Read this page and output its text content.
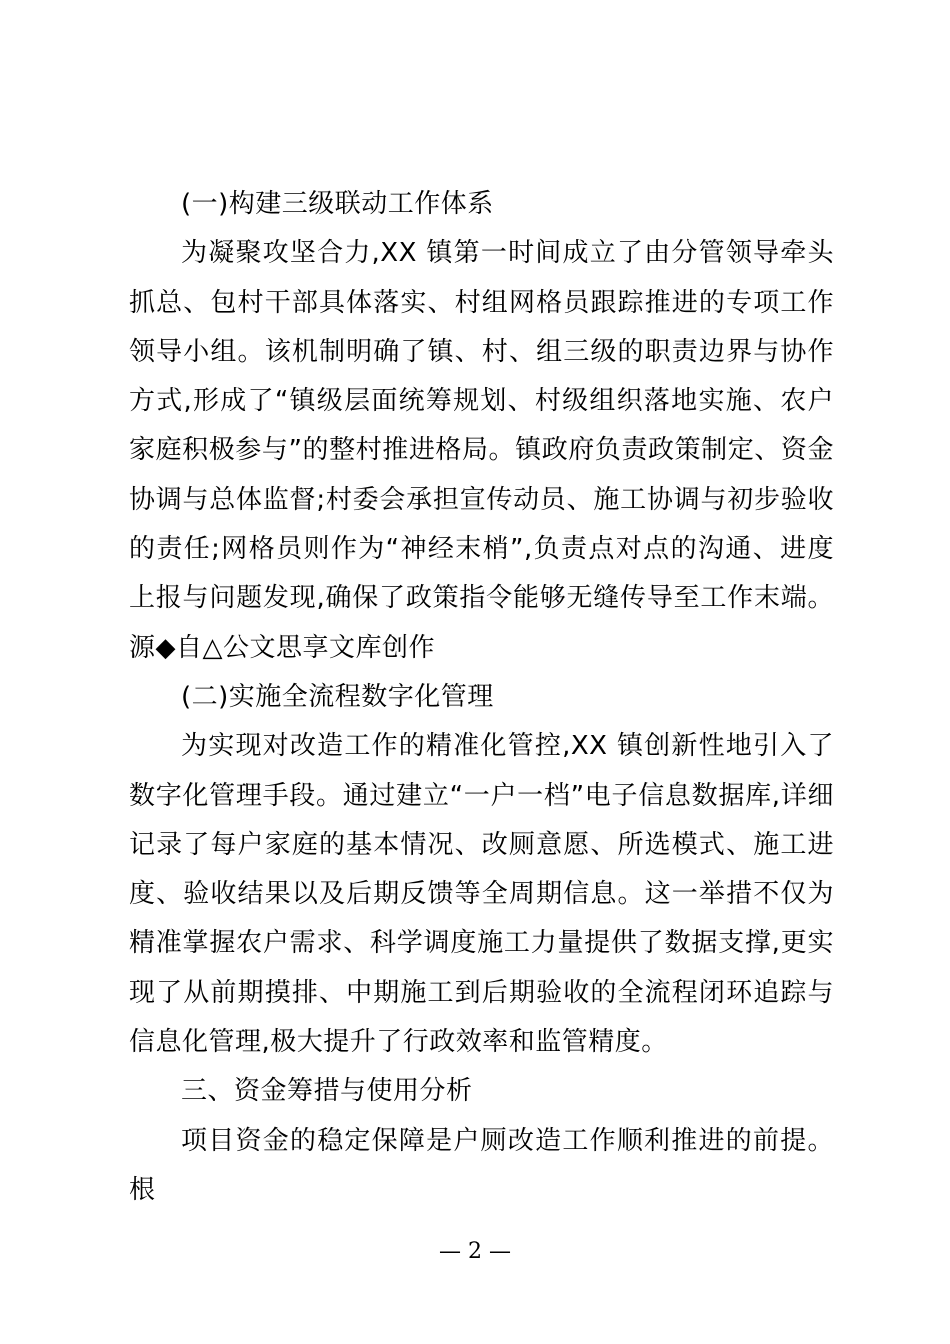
(一)构建三级联动工作体系

为凝聚攻坚合力,XX 镇第一时间成立了由分管领导牵头抓总、包村干部具体落实、村组网格员跟踪推进的专项工作领导小组。该机制明确了镇、村、组三级的职责边界与协作方式,形成了“镇级层面统筹规划、村级组织落地实施、农户家庭积极参与”的整村推进格局。镇政府负责政策制定、资金协调与总体监督;村委会承担宣传动员、施工协调与初步验收的责任;网格员则作为“神经末梢”,负责点对点的沟通、进度上报与问题发现,确保了政策指令能够无缝传导至工作末端。 源◆自△公文思享文库创作

(二)实施全流程数字化管理

为实现对改造工作的精准化管控,XX 镇创新性地引入了数字化管理手段。通过建立“一户一档”电子信息数据库,详细记录了每户家庭的基本情况、改厕意愿、所选模式、施工进度、验收结果以及后期反馈等全周期信息。这一举措不仅为精准掌握农户需求、科学调度施工力量提供了数据支撑,更实现了从前期摸排、中期施工到后期验收的全流程闭环追踪与信息化管理,极大提升了行政效率和监管精度。

三、资金筹措与使用分析

项目资金的稳定保障是户厕改造工作顺利推进的前提。根

— 2 —
